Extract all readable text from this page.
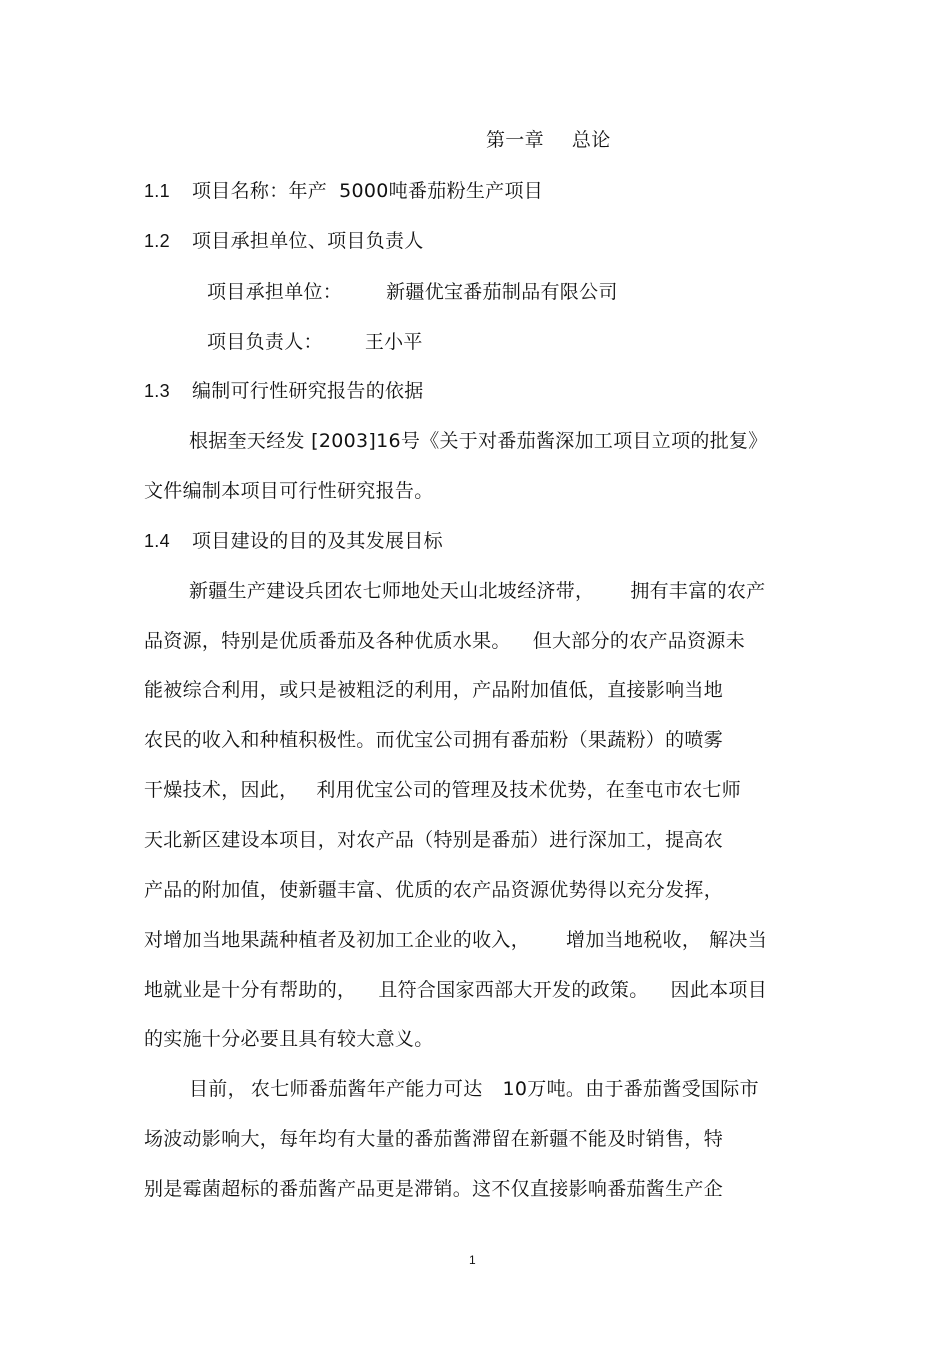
第一章 总论
1.1 项目名称：年产 5000吨番茄粉生产项目
1.2 项目承担单位、项目负责人
项目承担单位： 新疆优宝番茄制品有限公司
项目负责人： 王小平
1.3 编制可行性研究报告的依据
根据奎天经发 [2003]16号《关于对番茄酱深加工项目立项的批复》
文件编制本项目可行性研究报告。
1.4 项目建设的目的及其发展目标
新疆生产建设兵团农七师地处天山北坡经济带， 拥有丰富的农产
品资源，特别是优质番茄及各种优质水果。 但大部分的农产品资源未
能被综合利用，或只是被粗泛的利用，产品附加值低，直接影响当地
农民的收入和种植积极性。而优宝公司拥有番茄粉（果蔬粉）的喷雾
干燥技术，因此， 利用优宝公司的管理及技术优势，在奎屯市农七师
天北新区建设本项目，对农产品（特别是番茄）进行深加工，提高农
产品的附加值，使新疆丰富、优质的农产品资源优势得以充分发挥，
对增加当地果蔬种植者及初加工企业的收入， 增加当地税收， 解决当
地就业是十分有帮助的， 且符合国家西部大开发的政策。 因此本项目
的实施十分必要且具有较大意义。
目前， 农七师番茄酱年产能力可达 10万吨。由于番茄酱受国际市
场波动影响大，每年均有大量的番茄酱滞留在新疆不能及时销售，特
别是霉菌超标的番茄酱产品更是滞销。这不仅直接影响番茄酱生产企
1
